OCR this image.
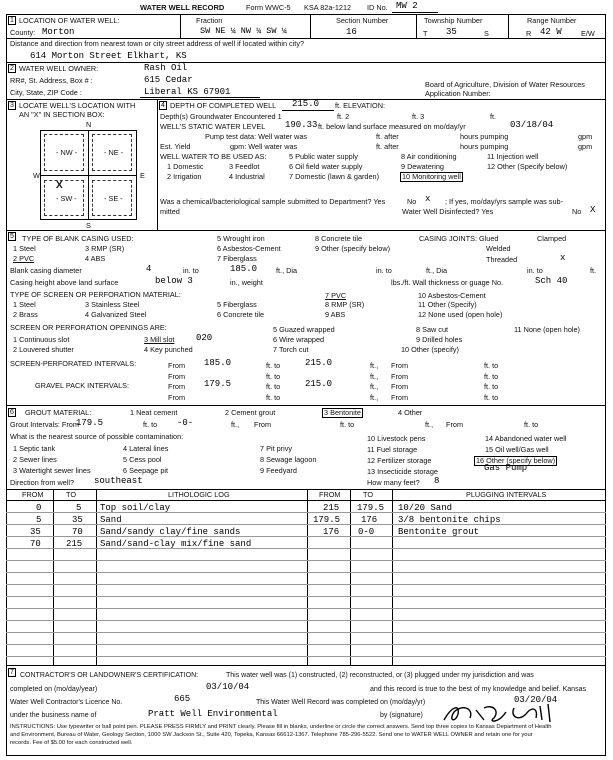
WATER WELL RECORD	Form WWC-5 KSA 82a-1212 ID No. MW 2
1 LOCATION OF WATER WELL:	Fraction	Section Number	Township Number	Range Number
County: Morton	SW NE ¼ NW ¼ SW ¼	16	T 35	S	R 42 W	E/W
Distance and direction from nearest town or city street address of well if located within city?
614 Morton Street Elkhart, KS
2 WATER WELL OWNER:	Rash Oil
RR#, St. Address, Box # :	615 Cedar
City, State, ZIP Code :	Liberal KS 67901
Board of Agriculture, Division of Water Resources
Application Number:
3 LOCATE WELL'S LOCATION WITH
AN "X" IN SECTION BOX:
N
S
W	E
- NW -	- NE -
- SW -	- SE -
X
4 DEPTH OF COMPLETED WELL 215.0 ft. ELEVATION:
Depth(s) Groundwater Encountered 1	ft. 2	ft. 3	ft.
WELL'S STATIC WATER LEVEL 190.33 ft. below land surface measured on mo/day/yr	03/18/04
Pump test data: Well water was	ft. after	hours pumping	gpm
Est. Yield	gpm: Well water was	ft. after	hours pumping	gpm
WELL WATER TO BE USED AS:	5 Public water supply	8 Air conditioning	11 Injection well
1 Domestic	3 Feedlot	6 Oil field water supply	9 Dewatering	12 Other (Specify below)
2 Irrigation	4 Industrial	7 Domestic (lawn & garden)	10 Monitoring well
Was a chemical/bacteriological sample submitted to Department? Yes	No x ; If yes, mo/day/yrs sample was sub-
mitted	Water Well Disinfected? Yes	No X
5 TYPE OF BLANK CASING USED:
1 Steel	3 RMP (SR)
5 Wrought iron	8 Concrete tile
2 PVC	4 ABS
6 Asbestos-Cement	9 Other (specify below)
7 Fiberglass
CASING JOINTS: Glued	Clamped
Welded
Threaded	x
Blank casing diameter	4	in. to	185.0	ft., Dia	in. to	ft., Dia	in. to	ft.
Casing height above land surface	below 3	in., weight	lbs./ft. Wall thickness or guage No.	Sch 40
TYPE OF SCREEN OR PERFORATION MATERIAL:
1 Steel	3 Stainless Steel	5 Fiberglass
7 PVC	10 Asbestos-Cement
2 Brass	4 Galvanized Steel	6 Concrete tile
8 RMP (SR)	11 Other (Specify)
9 ABS	12 None used (open hole)
SCREEN OR PERFORATION OPENINGS ARE:
1 Continuous slot	3 Mill slot 020
5 Guazed wrapped	8 Saw cut	11 None (open hole)
2 Louvered shutter	4 Key punched
6 Wire wrapped	9 Drilled holes
7 Torch cut	10 Other (specify)
SCREEN-PERFORATED INTERVALS:	From 185.0	ft. to	215.0	ft., From	ft. to
From	ft. to	ft., From	ft. to
GRAVEL PACK INTERVALS:	From 179.5	ft. to	215.0	ft., From	ft. to
From	ft. to	ft., From	ft. to
6 GROUT MATERIAL:	1 Neat cement	2 Cement grout	3 Bentonite	4 Other
Grout Intervals: From
179.5	ft. to -0-	ft., From	ft. to	ft., From	ft. to
What is the nearest source of possible contamination:
1 Septic tank	4 Lateral lines	7 Pit privy
10 Livestock pens	14 Abandoned water well
2 Sewer lines	5 Cess pool	8 Sewage lagoon
11 Fuel storage	15 Oil well/Gas well
3 Watertight sewer lines	6 Seepage pit	9 Feedyard
12 Fertilizer storage	16 Other (specify below)
13 Insecticide storage	Gas Pump
Direction from well? southeast	How many feet? 8
FROM	TO	LITHOLOGIC LOG	FROM	TO	PLUGGING INTERVALS
0	5 Top soil/clay
5	35 Sand
35	70 Sand/sandy clay/fine sands
70	215 Sand/sand-clay mix/fine sand
215 179.5 10/20 Sand
179.5 176 3/8 bentonite chips
176 0-0	Bentonite grout
7 CONTRACTOR'S OR LANDOWNER'S CERTIFICATION:	This water well was (1) constructed, (2) reconstructed, or (3) plugged under my jurisdiction and was
completed on (mo/day/year)	03/10/04	and this record is true to the best of my knowledge and belief. Kansas
Water Well Contractor's Licence No.	665	This Water Well Record was completed on (mo/day/yr)	03/20/04
under the business name of	Pratt Well Environmental	by (signature)
INSTRUCTIONS: Use typewriter or ball point pen. PLEASE PRESS FIRMLY and PRINT clearly. Please fill in blanks, underline or circle the correct answers. Send top three copies to Kansas Department of Health
and Environment, Bureau of Water, Geology Section, 1000 SW Jackson St., Suite 420, Topeka, Kansas 66612-1367. Telephone 785-296-5522. Send one to WATER WELL OWNER and retain one for your
records. Fee of $5.00 for each constructed well.
